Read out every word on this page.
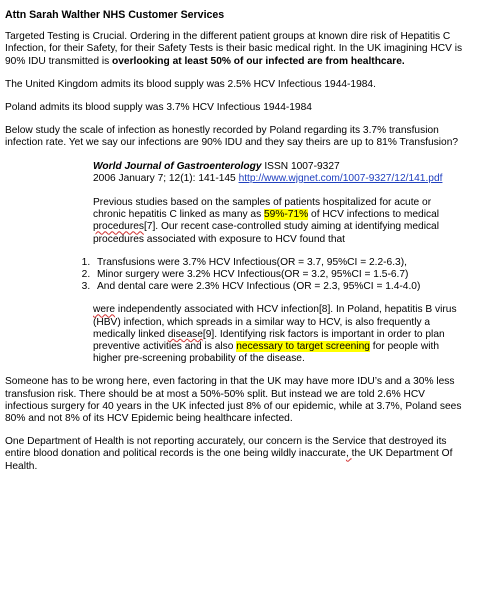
Attn Sarah Walther NHS Customer Services

Targeted Testing is Crucial. Ordering in the different patient groups at known dire risk of Hepatitis C Infection, for their Safety, for their Safety Tests is their basic medical right. In the UK imagining HCV is 90% IDU transmitted is overlooking at least 50% of our infected are from healthcare.

The United Kingdom admits its blood supply was 2.5% HCV Infectious 1944-1984.

Poland admits its blood supply was 3.7% HCV Infectious 1944-1984

Below study the scale of infection as honestly recorded by Poland regarding its 3.7% transfusion infection rate. Yet we say our infections are 90% IDU and they say theirs are up to 81% Transfusion?

World Journal of Gastroenterology ISSN 1007-9327
2006 January 7; 12(1): 141-145 http://www.wjgnet.com/1007-9327/12/141.pdf

Previous studies based on the samples of patients hospitalized for acute or chronic hepatitis C linked as many as 59%-71% of HCV infections to medical procedures[7]. Our recent case-controlled study aiming at identifying medical procedures associated with exposure to HCV found that

1. Transfusions were 3.7% HCV Infectious(OR = 3.7, 95%CI = 2.2-6.3),
2. Minor surgery were 3.2% HCV Infectious(OR = 3.2, 95%CI = 1.5-6.7)
3. And dental care were 2.3% HCV Infectious (OR = 2.3, 95%CI = 1.4-4.0)

were independently associated with HCV infection[8]. In Poland, hepatitis B virus (HBV) infection, which spreads in a similar way to HCV, is also frequently a medically linked disease[9]. Identifying risk factors is important in order to plan preventive activities and is also necessary to target screening for people with higher pre-screening probability of the disease.

Someone has to be wrong here, even factoring in that the UK may have more IDU’s and a 30% less transfusion risk. There should be at most a 50%-50% split. But instead we are told 2.6% HCV infectious surgery for 40 years in the UK infected just 8% of our epidemic, while at 3.7%, Poland sees 80% and not 8% of its HCV Epidemic being healthcare infected.

One Department of Health is not reporting accurately, our concern is the Service that destroyed its entire blood donation and political records is the one being wildly inaccurate, the UK Department Of Health.
